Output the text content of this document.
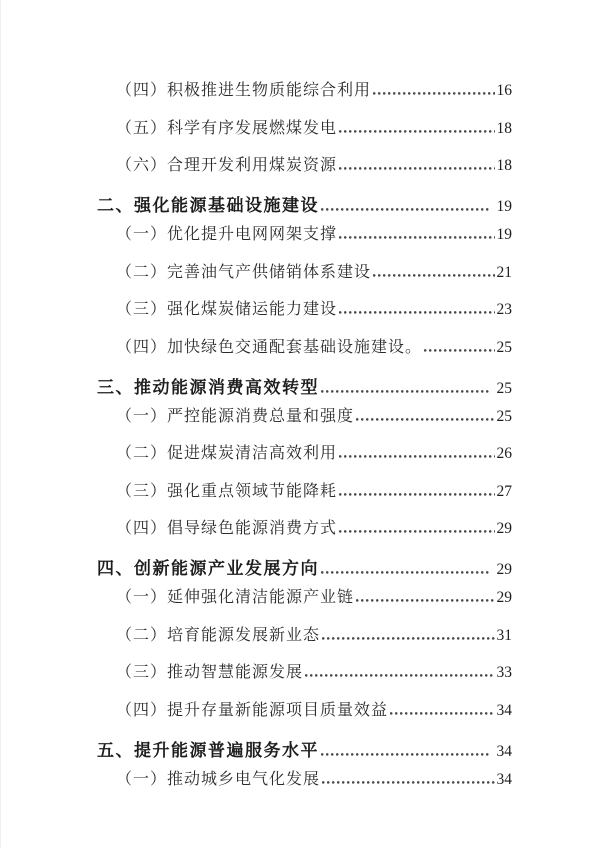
（四）积极推进生物质能综合利用	16
（五）科学有序发展燃煤发电	18
（六）合理开发利用煤炭资源	18
二、强化能源基础设施建设	19
（一）优化提升电网网架支撑	19
（二）完善油气产供储销体系建设	21
（三）强化煤炭储运能力建设	23
（四）加快绿色交通配套基础设施建设。	25
三、推动能源消费高效转型	25
（一）严控能源消费总量和强度	25
（二）促进煤炭清洁高效利用	26
（三）强化重点领域节能降耗	27
（四）倡导绿色能源消费方式	29
四、创新能源产业发展方向	29
（一）延伸强化清洁能源产业链	29
（二）培育能源发展新业态	31
（三）推动智慧能源发展	33
（四）提升存量新能源项目质量效益	34
五、提升能源普遍服务水平	34
（一）推动城乡电气化发展	34
